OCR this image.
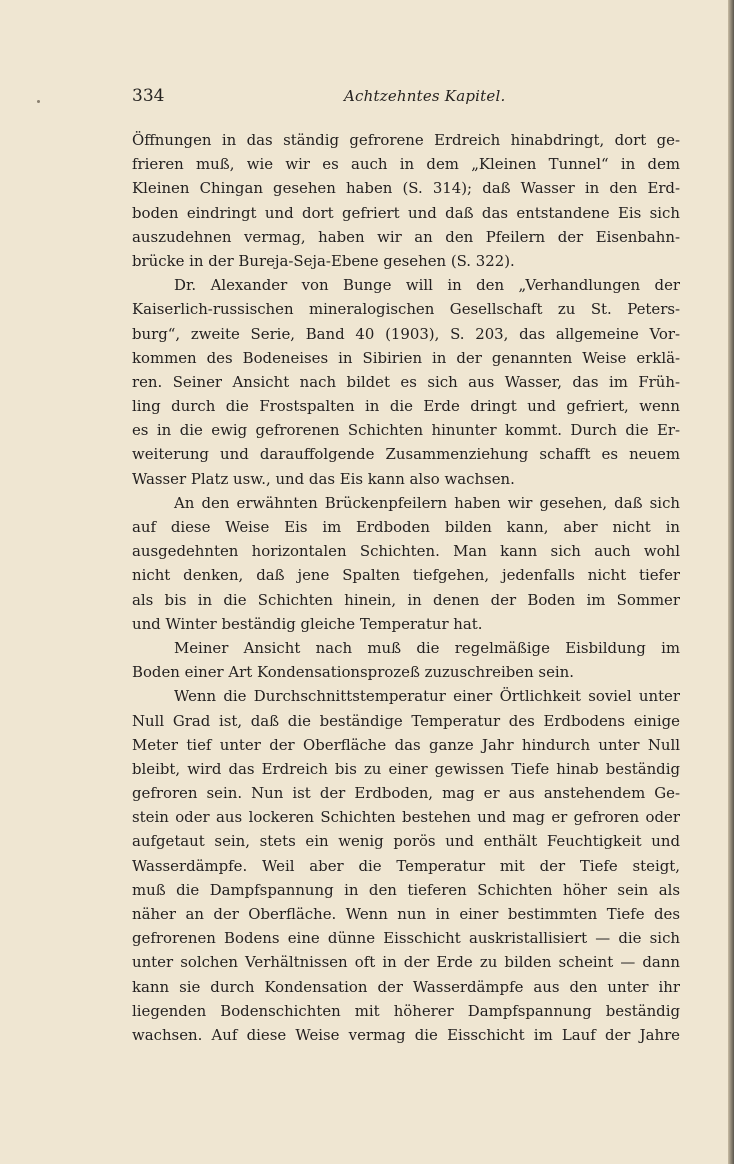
334	Achtzehntes Kapitel.
Öffnungen in das ständig gefrorene Erdreich hinabdringt, dort ge-
frieren muß, wie wir es auch in dem „Kleinen Tunnel“ in dem
Kleinen Chingan gesehen haben (S. 314); daß Wasser in den Erd-
boden eindringt und dort gefriert und daß das entstandene Eis sich
auszudehnen vermag, haben wir an den Pfeilern der Eisenbahn-
brücke in der Bureja-Seja-Ebene gesehen (S. 322).
Dr. Alexander von Bunge will in den „Verhandlungen der
Kaiserlich-russischen mineralogischen Gesellschaft zu St. Peters-
burg“, zweite Serie, Band 40 (1903), S. 203, das allgemeine Vor-
kommen des Bodeneises in Sibirien in der genannten Weise erklä-
ren. Seiner Ansicht nach bildet es sich aus Wasser, das im Früh-
ling durch die Frostspalten in die Erde dringt und gefriert, wenn
es in die ewig gefrorenen Schichten hinunter kommt. Durch die Er-
weiterung und darauffolgende Zusammenziehung schafft es neuem
Wasser Platz usw., und das Eis kann also wachsen.
An den erwähnten Brückenpfeilern haben wir gesehen, daß sich
auf diese Weise Eis im Erdboden bilden kann, aber nicht in
ausgedehnten horizontalen Schichten. Man kann sich auch wohl
nicht denken, daß jene Spalten tiefgehen, jedenfalls nicht tiefer
als bis in die Schichten hinein, in denen der Boden im Sommer
und Winter beständig gleiche Temperatur hat.
Meiner Ansicht nach muß die regelmäßige Eisbildung im
Boden einer Art Kondensationsprozeß zuzuschreiben sein.
Wenn die Durchschnittstemperatur einer Örtlichkeit soviel unter
Null Grad ist, daß die beständige Temperatur des Erdbodens einige
Meter tief unter der Oberfläche das ganze Jahr hindurch unter Null
bleibt, wird das Erdreich bis zu einer gewissen Tiefe hinab beständig
gefroren sein. Nun ist der Erdboden, mag er aus anstehendem Ge-
stein oder aus lockeren Schichten bestehen und mag er gefroren oder
aufgetaut sein, stets ein wenig porös und enthält Feuchtigkeit und
Wasserdämpfe. Weil aber die Temperatur mit der Tiefe steigt,
muß die Dampfspannung in den tieferen Schichten höher sein als
näher an der Oberfläche. Wenn nun in einer bestimmten Tiefe des
gefrorenen Bodens eine dünne Eisschicht auskristallisiert — die sich
unter solchen Verhältnissen oft in der Erde zu bilden scheint — dann
kann sie durch Kondensation der Wasserdämpfe aus den unter ihr
liegenden Bodenschichten mit höherer Dampfspannung beständig
wachsen. Auf diese Weise vermag die Eisschicht im Lauf der Jahre
